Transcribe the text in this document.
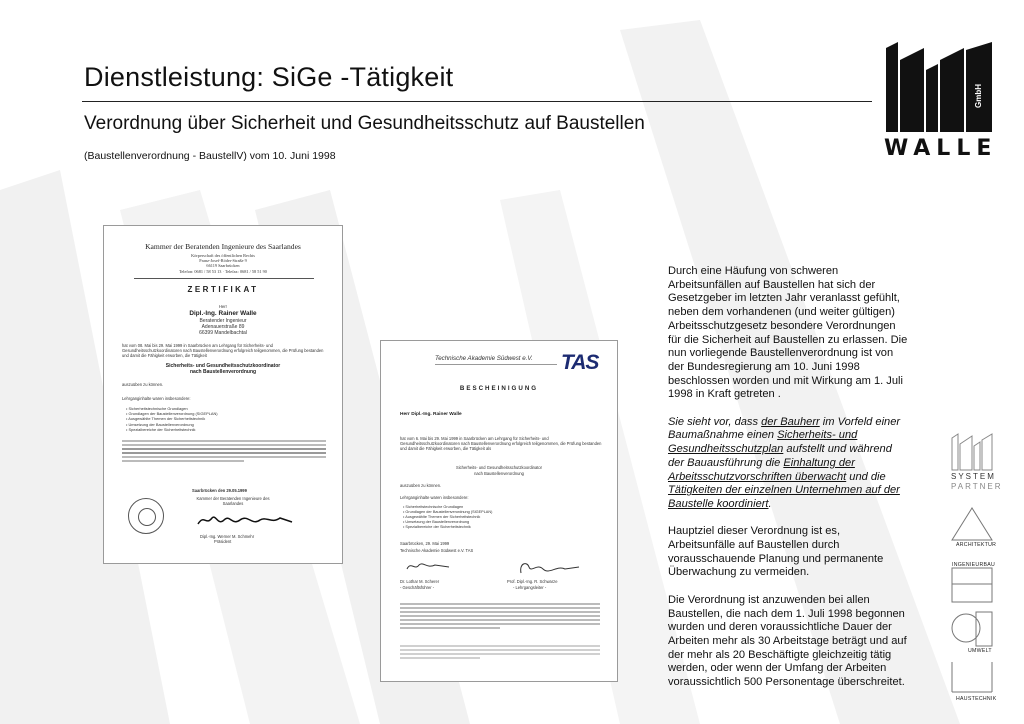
Dienstleistung: SiGe -Tätigkeit
Verordnung über Sicherheit und Gesundheitsschutz auf Baustellen
(Baustellenverordnung - BaustellV) vom 10. Juni 1998
GmbH
WALLE
Kammer der Beratenden Ingenieure des Saarlandes
Körperschaft des öffentlichen Rechts
Franz-Josef-Röder-Straße 9
66119 Saarbrücken
Telefon: 0681 / 58 53 13 · Telefax: 0681 / 58 51 90
ZERTIFIKAT
Herr
Dipl.-Ing. Rainer Walle
Beratender Ingenieur
Adenauerstraße 89
66399 Mandelbachtal
hat vom 08. Mai bis 29. Mai 1999 in Saarbrücken am Lehrgang für Sicherheits- und Gesundheitsschutzkoordinatoren nach Baustellenverordnung erfolgreich teilgenommen, die Prüfung bestanden und damit die Fähigkeit erworben, die Tätigkeit
Sicherheits- und Gesundheitsschutzkoordinator
nach Baustellenverordnung
auszuüben zu können.
Lehrganginhalte waren insbesondere:
• Sicherheitstechnische Grundlagen
• Grundlagen der Baustellenverordnung (SIGEPLAN)
• Ausgewählte Themen der Sicherheitstechnik
• Umsetzung der Baustellenverordnung
• Spezialbereiche der Sicherheitstechnik
Saarbrücken den 29.05.1999
Kammer der Beratenden Ingenieure des Saarlandes
Dipl.-Ing. Werner M. Schmehr
Präsident
Technische Akademie Südwest e.V. TAS
BESCHEINIGUNG
Herr Dipl.-Ing. Rainer Walle
hat vom 6. Mai bis 29. Mai 1999 in Saarbrücken am Lehrgang für Sicherheits- und Gesundheitsschutzkoordinatoren nach Baustellenverordnung erfolgreich teilgenommen, die Prüfung bestanden und damit die Fähigkeit erworben, die Tätigkeit als
Sicherheits- und Gesundheitsschutzkoordinator
nach Baustellenverordnung
auszuüben zu können.
Lehrganginhalte waren insbesondere:
• Sicherheitstechnische Grundlagen
• Grundlagen der Baustellenverordnung (SIGEPLAN)
• Ausgewählte Themen der Sicherheitstechnik
• Umsetzung der Baustellenverordnung
• Spezialbereiche der Sicherheitstechnik
Saarbrücken, 29. Mai 1999
Technische Akademie Südwest e.V. TAS
Dr. Lothar M. Scherer
- Geschäftsführer -
Prof. Dipl.-Ing. R. Schwarze
- Lehrgangsleiter -

Durch eine Häufung von schweren Arbeitsunfällen auf Baustellen hat sich der Gesetzgeber im letzten Jahr veranlasst gefühlt, neben dem vorhandenen (und weiter gültigen) Arbeitsschutzgesetz besondere Verordnungen für die Sicherheit auf Baustellen zu erlassen. Die nun vorliegende Baustellenverordnung ist von der Bundesregierung am 10. Juni 1998 beschlossen worden und mit Wirkung am 1. Juli 1998 in Kraft getreten .

Sie sieht vor, dass der Bauherr im Vorfeld einer Baumaßnahme einen Sicherheits- und Gesundheitsschutzplan aufstellt und während der Bauausführung die Einhaltung der Arbeitsschutzvorschriften überwacht und die Tätigkeiten der einzelnen Unternehmen auf der Baustelle koordiniert.

Hauptziel dieser Verordnung ist es, Arbeitsunfälle auf Baustellen durch vorausschauende Planung und permanente Überwachung zu vermeiden.

Die Verordnung ist anzuwenden bei allen Baustellen, die nach dem 1. Juli 1998 begonnen wurden und deren voraussichtliche Dauer der Arbeiten mehr als 30 Arbeitstage beträgt und auf der mehr als 20 Beschäftigte gleichzeitig tätig werden, oder wenn der Umfang der Arbeiten voraussichtlich 500 Personentage überschreitet.

SYSTEM
PARTNER
ARCHITEKTUR
INGENIEURBAU
UMWELT
HAUSTECHNIK
